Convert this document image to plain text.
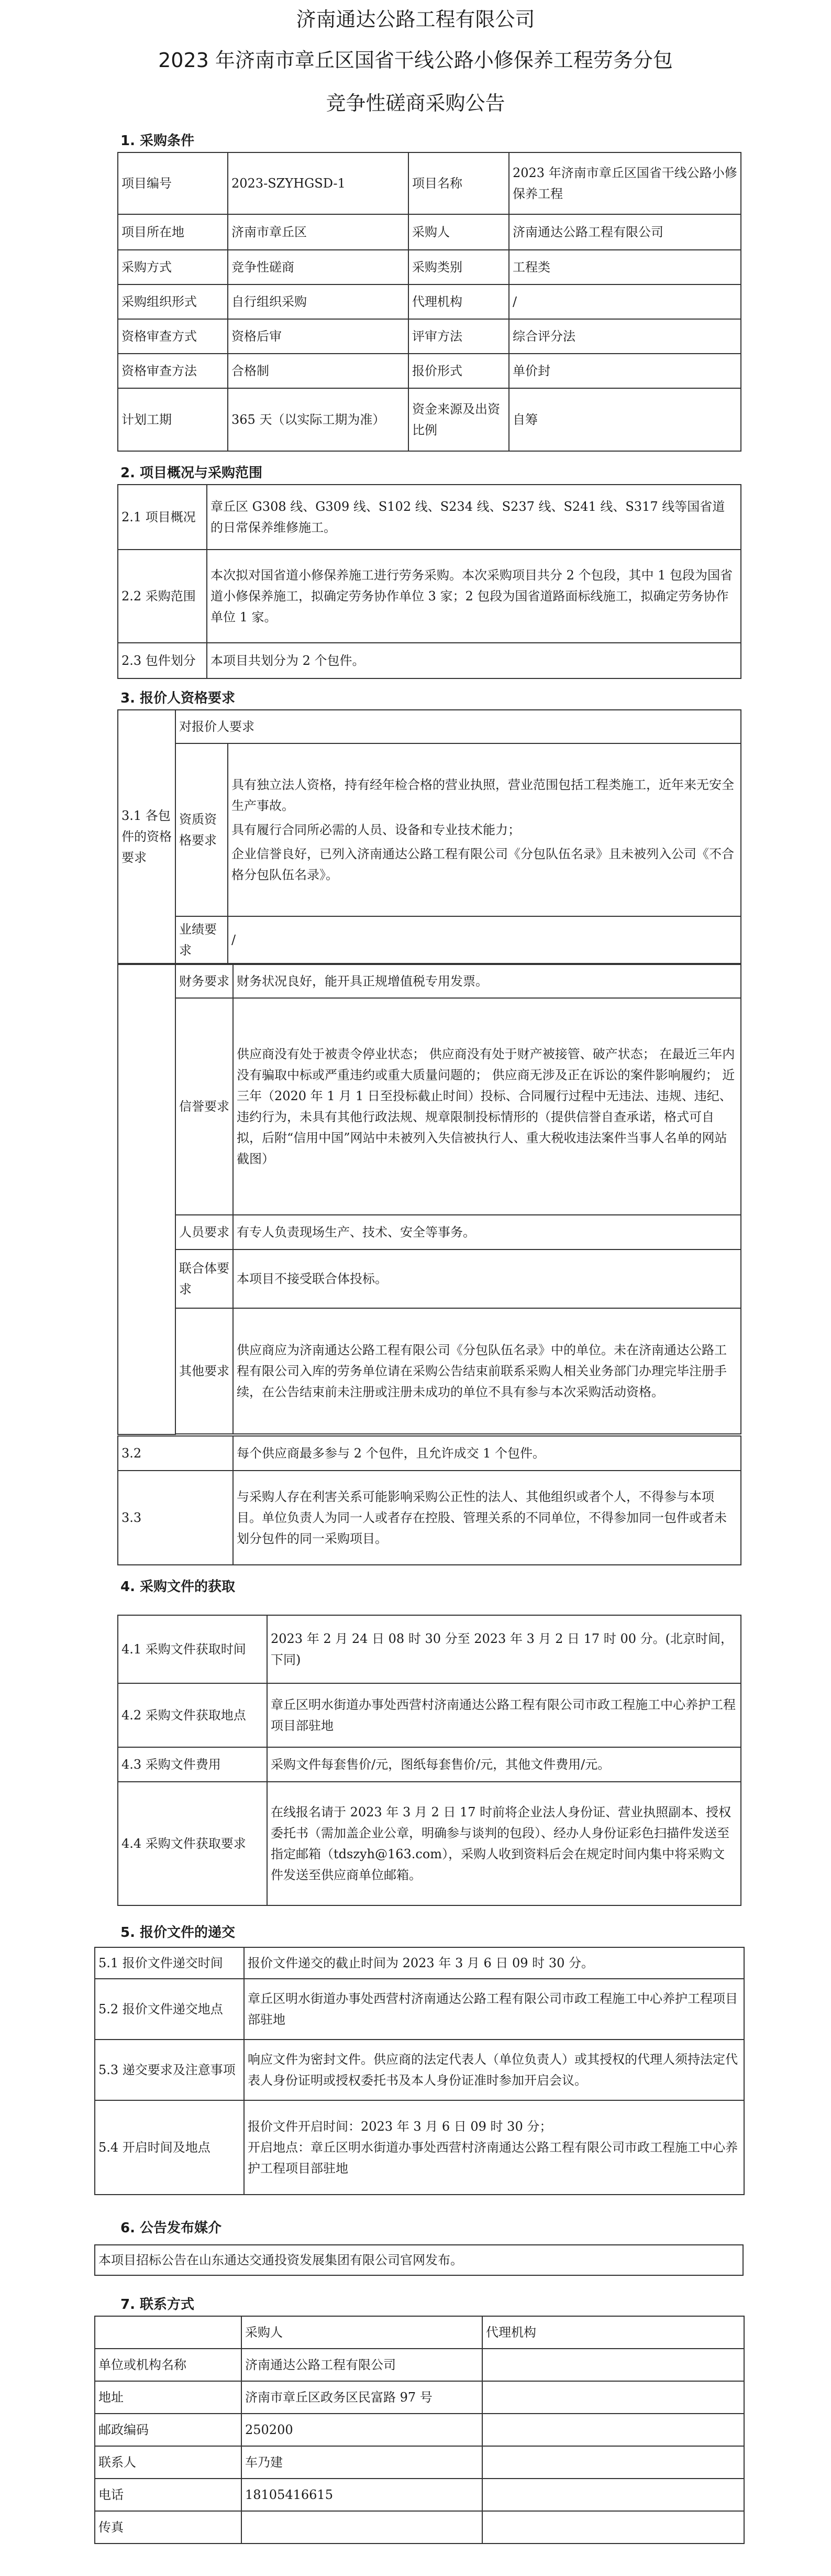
济南通达公路工程有限公司
2023 年济南市章丘区国省干线公路小修保养工程劳务分包
竞争性磋商采购公告
1. 采购条件
项目编号	2023-SZYHGSD-1	项目名称	2023 年济南市章丘区国省干线公路小修保养工程
项目所在地	济南市章丘区	采购人	济南通达公路工程有限公司
采购方式	竞争性磋商	采购类别	工程类
采购组织形式	自行组织采购	代理机构	/
资格审查方式	资格后审	评审方法	综合评分法
资格审查方法	合格制	报价形式	单价封
计划工期	365 天（以实际工期为准）	资金来源及出资比例	自筹
2. 项目概况与采购范围
2.1 项目概况	章丘区 G308 线、G309 线、S102 线、S234 线、S237 线、S241 线、S317 线等国省道的日常保养维修施工。
2.2 采购范围	本次拟对国省道小修保养施工进行劳务采购。本次采购项目共分 2 个包段，其中 1 包段为国省道小修保养施工，拟确定劳务协作单位 3 家；2 包段为国省道路面标线施工，拟确定劳务协作单位 1 家。
2.3 包件划分	本项目共划分为 2 个包件。
3. 报价人资格要求
3.1 各包件的资格要求	对报价人要求	
	资质资格要求	具有独立法人资格，持有经年检合格的营业执照，营业范围包括工程类施工，近年来无安全生产事故。
具有履行合同所必需的人员、设备和专业技术能力；
企业信誉良好，已列入济南通达公路工程有限公司《分包队伍名录》且未被列入公司《不合格分包队伍名录》。

	业绩要求	/
	财务要求	财务状况良好，能开具正规增值税专用发票。
	信誉要求	供应商没有处于被责令停业状态； 供应商没有处于财产被接管、破产状态； 在最近三年内没有骗取中标或严重违约或重大质量问题的； 供应商无涉及正在诉讼的案件影响履约； 近三年（2020 年 1 月 1 日至投标截止时间）投标、合同履行过程中无违法、违规、违纪、违约行为，未具有其他行政法规、规章限制投标情形的（提供信誉自查承诺，格式可自拟，后附“信用中国”网站中未被列入失信被执行人、重大税收违法案件当事人名单的网站截图）
	人员要求	有专人负责现场生产、技术、安全等事务。
	联合体要求	本项目不接受联合体投标。
	其他要求	供应商应为济南通达公路工程有限公司《分包队伍名录》中的单位。未在济南通达公路工程有限公司入库的劳务单位请在采购公告结束前联系采购人相关业务部门办理完毕注册手续，在公告结束前未注册或注册未成功的单位不具有参与本次采购活动资格。

3.2	每个供应商最多参与 2 个包件，且允许成交 1 个包件。
3.3	与采购人存在利害关系可能影响采购公正性的法人、其他组织或者个人，不得参与本项目。单位负责人为同一人或者存在控股、管理关系的不同单位，不得参加同一包件或者未划分包件的同一采购项目。
4. 采购文件的获取
4.1 采购文件获取时间	2023 年 2 月 24 日 08 时 30 分至 2023 年 3 月 2 日 17 时 00 分。(北京时间，下同)
4.2 采购文件获取地点	章丘区明水街道办事处西营村济南通达公路工程有限公司市政工程施工中心养护工程项目部驻地
4.3 采购文件费用	采购文件每套售价/元，图纸每套售价/元，其他文件费用/元。
4.4 采购文件获取要求	在线报名请于 2023 年 3 月 2 日 17 时前将企业法人身份证、营业执照副本、授权委托书（需加盖企业公章，明确参与谈判的包段）、经办人身份证彩色扫描件发送至指定邮箱（tdszyh@163.com），采购人收到资料后会在规定时间内集中将采购文件发送至供应商单位邮箱。
5. 报价文件的递交
5.1 报价文件递交时间	报价文件递交的截止时间为 2023 年 3 月 6 日 09 时 30 分。
5.2 报价文件递交地点	章丘区明水街道办事处西营村济南通达公路工程有限公司市政工程施工中心养护工程项目部驻地
5.3 递交要求及注意事项	响应文件为密封文件。供应商的法定代表人（单位负责人）或其授权的代理人须持法定代表人身份证明或授权委托书及本人身份证准时参加开启会议。
5.4 开启时间及地点	报价文件开启时间：2023 年 3 月 6 日 09 时 30 分；
开启地点：章丘区明水街道办事处西营村济南通达公路工程有限公司市政工程施工中心养护工程项目部驻地
6. 公告发布媒介
本项目招标公告在山东通达交通投资发展集团有限公司官网发布。
7. 联系方式
	采购人	代理机构
单位或机构名称	济南通达公路工程有限公司	
地址	济南市章丘区政务区民富路 97 号	
邮政编码	250200	
联系人	车乃建	
电话	18105416615	
传真		
